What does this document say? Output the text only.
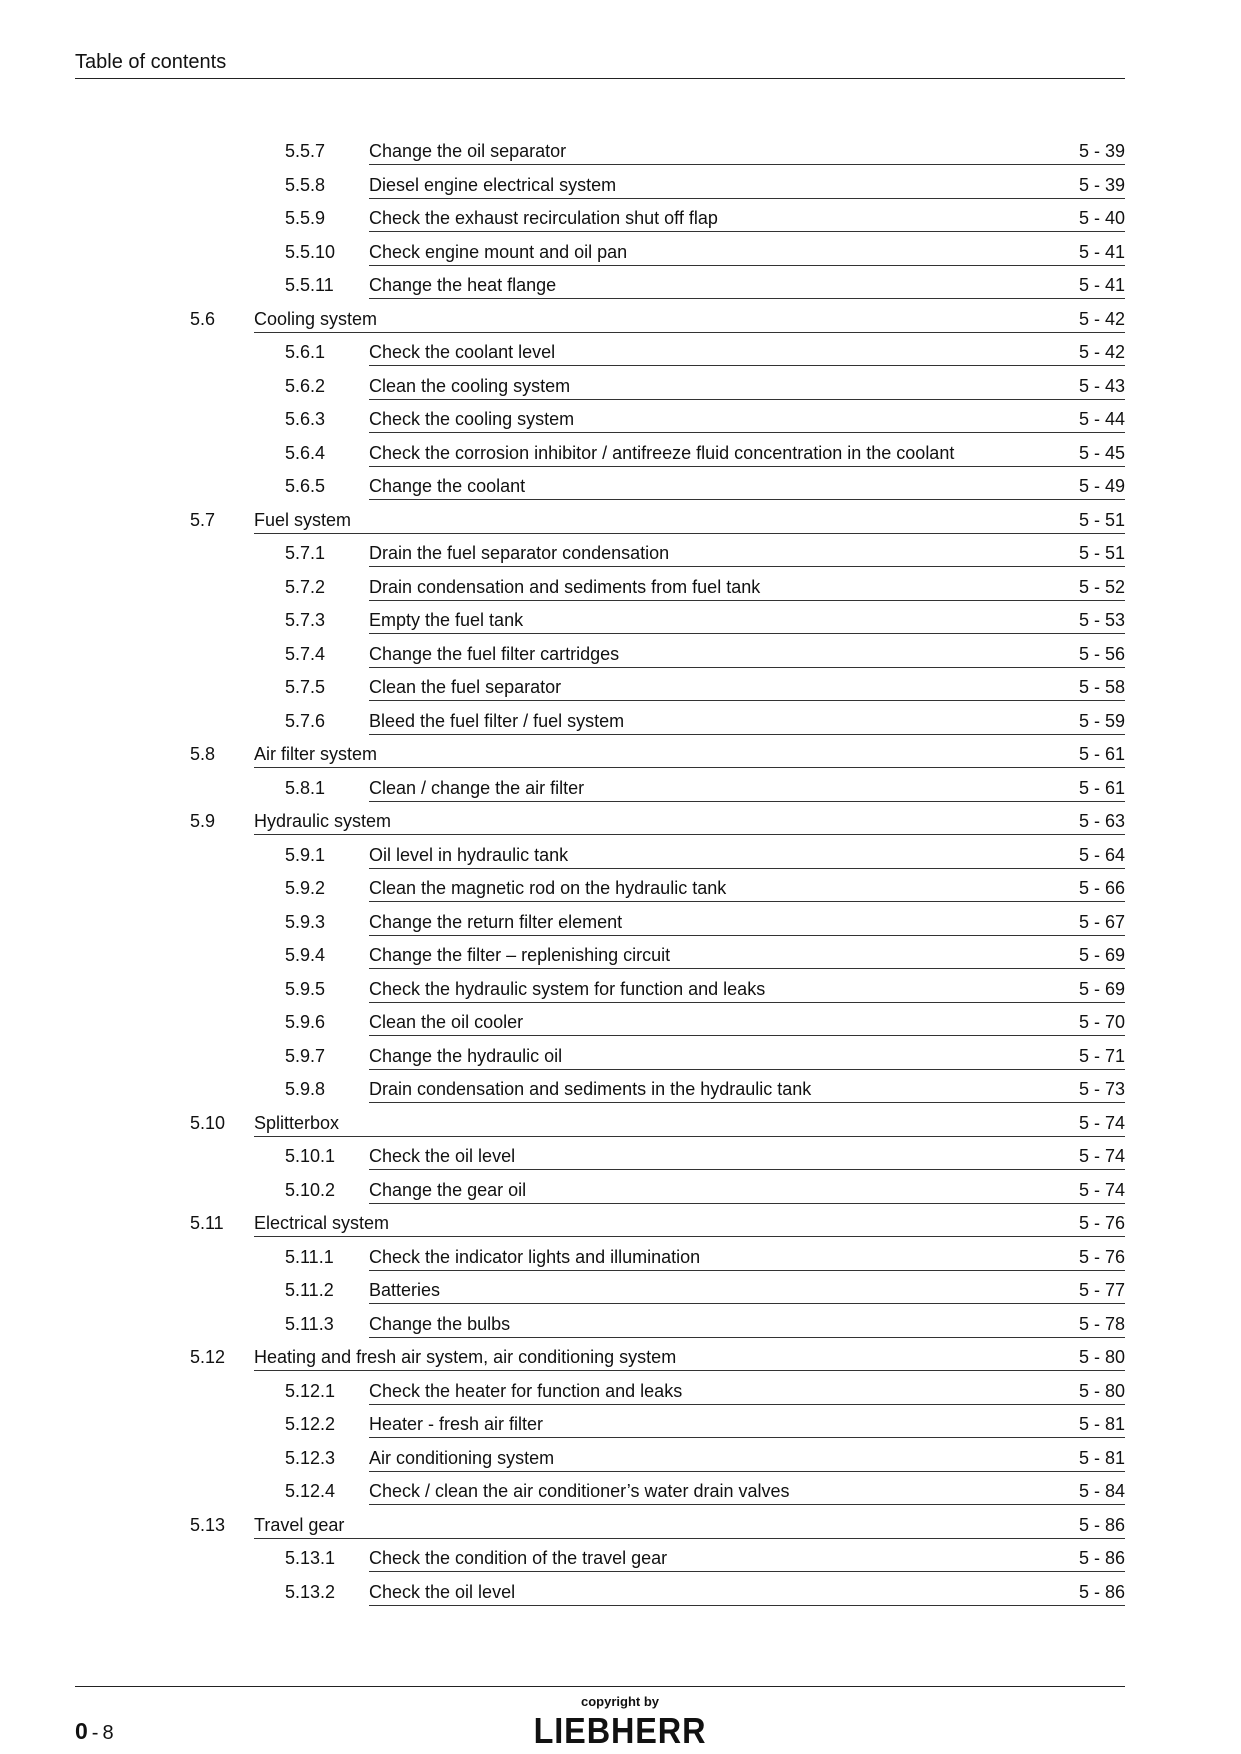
Table of contents
5.5.7 Change the oil separator	5 - 39
5.5.8 Diesel engine electrical system	5 - 39
5.5.9 Check the exhaust recirculation shut off flap	5 - 40
5.5.10 Check engine mount and oil pan	5 - 41
5.5.11 Change the heat flange	5 - 41
5.6 Cooling system	5 - 42
5.6.1 Check the coolant level	5 - 42
5.6.2 Clean the cooling system	5 - 43
5.6.3 Check the cooling system	5 - 44
5.6.4 Check the corrosion inhibitor / antifreeze fluid concentration in the coolant	5 - 45
5.6.5 Change the coolant	5 - 49
5.7 Fuel system	5 - 51
5.7.1 Drain the fuel separator condensation	5 - 51
5.7.2 Drain condensation and sediments from fuel tank	5 - 52
5.7.3 Empty the fuel tank	5 - 53
5.7.4 Change the fuel filter cartridges	5 - 56
5.7.5 Clean the fuel separator	5 - 58
5.7.6 Bleed the fuel filter / fuel system	5 - 59
5.8 Air filter system	5 - 61
5.8.1 Clean / change the air filter	5 - 61
5.9 Hydraulic system	5 - 63
5.9.1 Oil level in hydraulic tank	5 - 64
5.9.2 Clean the magnetic rod on the hydraulic tank	5 - 66
5.9.3 Change the return filter element	5 - 67
5.9.4 Change the filter – replenishing circuit	5 - 69
5.9.5 Check the hydraulic system for function and leaks	5 - 69
5.9.6 Clean the oil cooler	5 - 70
5.9.7 Change the hydraulic oil	5 - 71
5.9.8 Drain condensation and sediments in the hydraulic tank	5 - 73
5.10 Splitterbox	5 - 74
5.10.1 Check the oil level	5 - 74
5.10.2 Change the gear oil	5 - 74
5.11 Electrical system	5 - 76
5.11.1 Check the indicator lights and illumination	5 - 76
5.11.2 Batteries	5 - 77
5.11.3 Change the bulbs	5 - 78
5.12 Heating and fresh air system, air conditioning system	5 - 80
5.12.1 Check the heater for function and leaks	5 - 80
5.12.2 Heater - fresh air filter	5 - 81
5.12.3 Air conditioning system	5 - 81
5.12.4 Check / clean the air conditioner’s water drain valves	5 - 84
5.13 Travel gear	5 - 86
5.13.1 Check the condition of the travel gear	5 - 86
5.13.2 Check the oil level	5 - 86
0 - 8
copyright by
LIEBHERR
